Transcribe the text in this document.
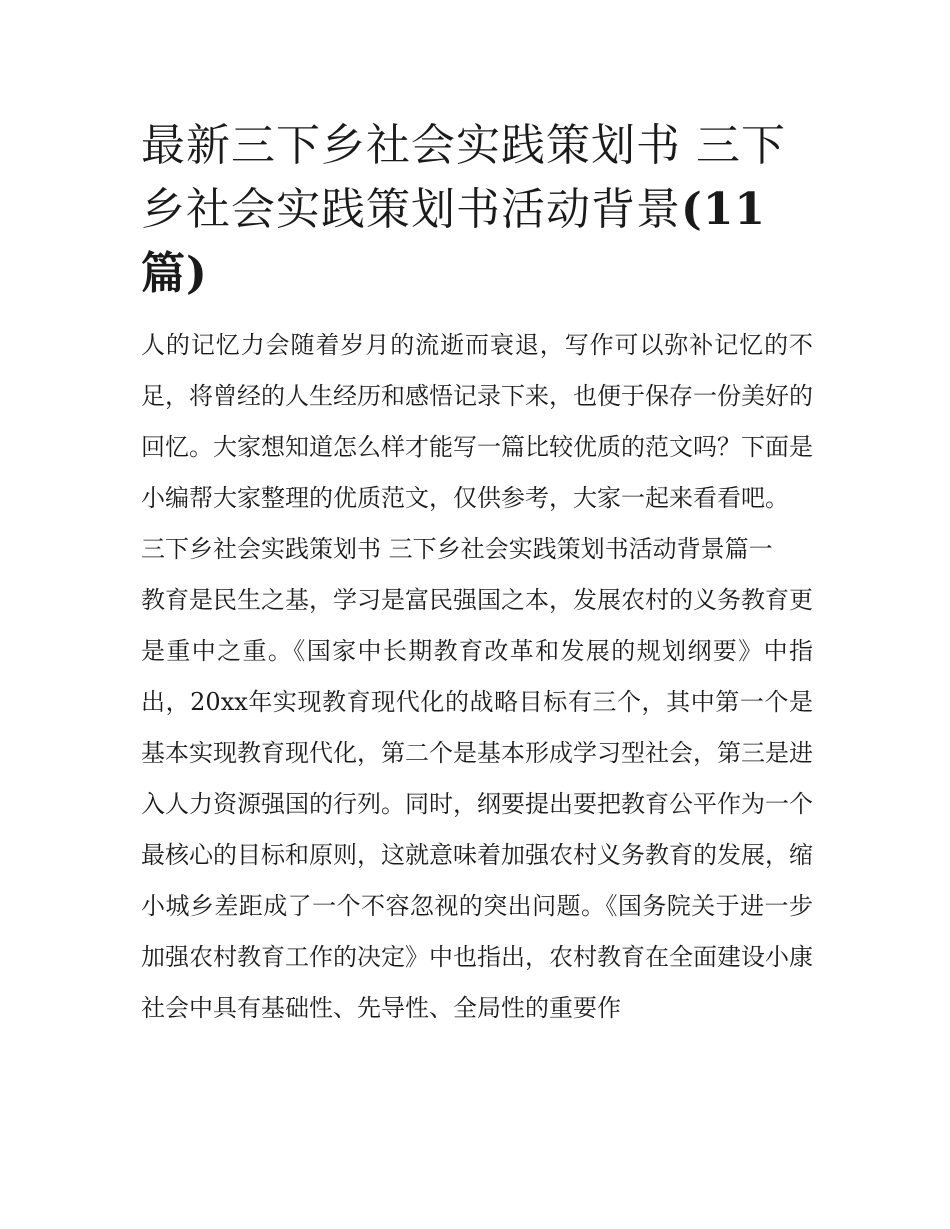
最新三下乡社会实践策划书 三下乡社会实践策划书活动背景(11篇)

人的记忆力会随着岁月的流逝而衰退，写作可以弥补记忆的不足，将曾经的人生经历和感悟记录下来，也便于保存一份美好的回忆。大家想知道怎么样才能写一篇比较优质的范文吗？下面是小编帮大家整理的优质范文，仅供参考，大家一起来看看吧。

三下乡社会实践策划书 三下乡社会实践策划书活动背景篇一

教育是民生之基，学习是富民强国之本，发展农村的义务教育更是重中之重。《国家中长期教育改革和发展的规划纲要》中指出，20xx年实现教育现代化的战略目标有三个，其中第一个是基本实现教育现代化，第二个是基本形成学习型社会，第三是进入人力资源强国的行列。同时，纲要提出要把教育公平作为一个最核心的目标和原则，这就意味着加强农村义务教育的发展，缩小城乡差距成了一个不容忽视的突出问题。《国务院关于进一步加强农村教育工作的决定》中也指出，农村教育在全面建设小康社会中具有基础性、先导性、全局性的重要作
